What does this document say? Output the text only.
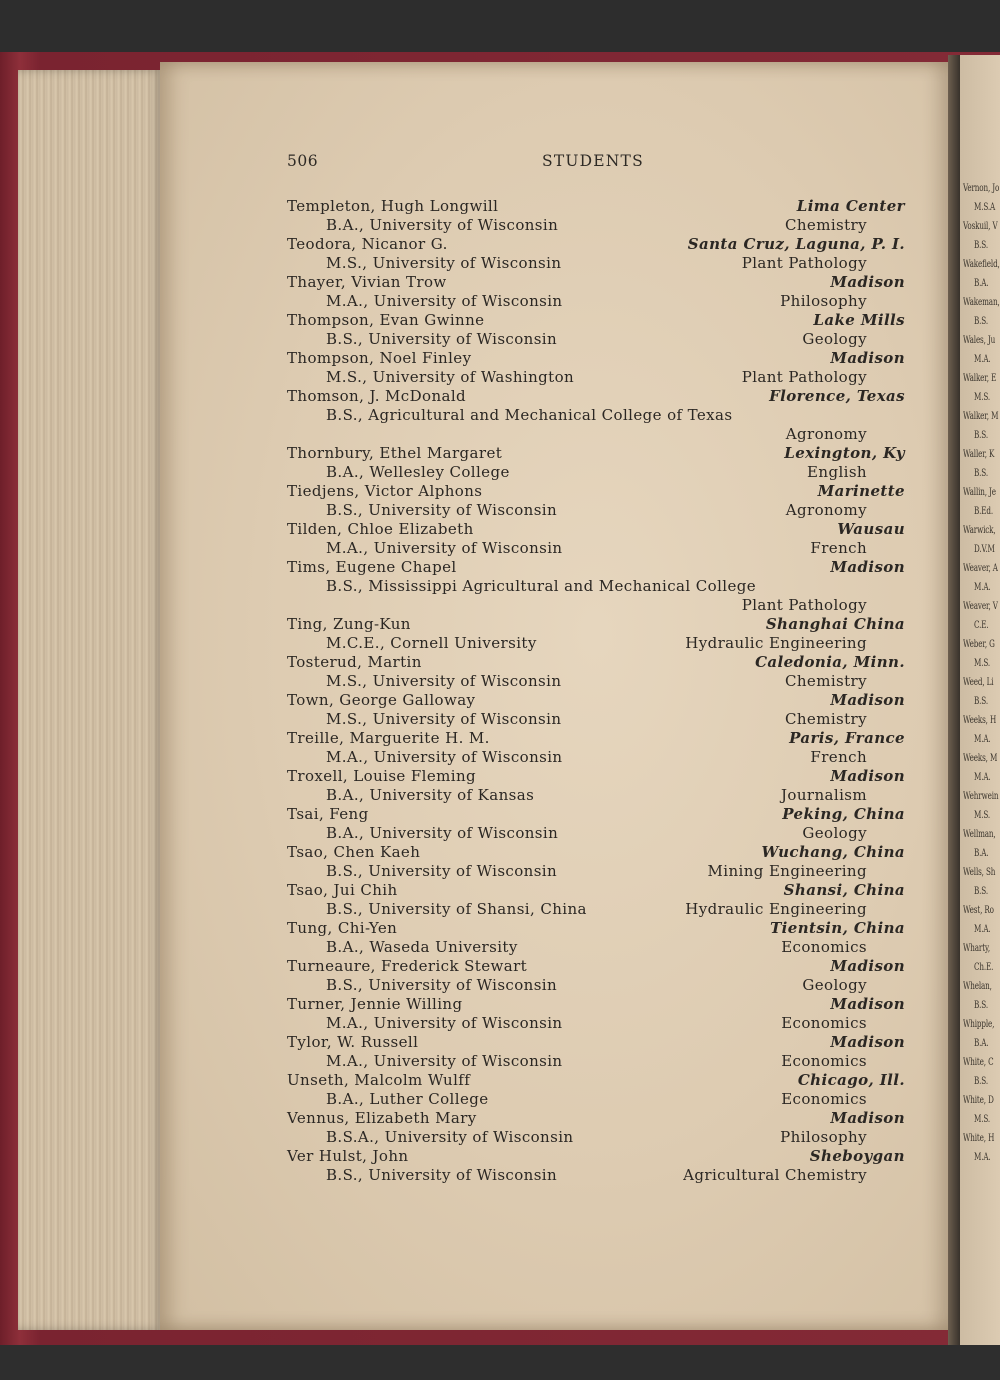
Vernon, Jo
M.S.A
Voskuil, V
B.S.
Wakefield,
B.A.
Wakeman,
B.S.
Wales, Ju
M.A.
Walker, E
M.S.
Walker, M
B.S.
Waller, K
B.S.
Wallin, Je
B.Ed.
Warwick,
D.V.M
Weaver, A
M.A.
Weaver, V
C.E.
Weber, G
M.S.
Weed, Li
B.S.
Weeks, H
M.A.
Weeks, M
M.A.
Wehrwein
M.S.
Wellman,
B.A.
Wells, Sh
B.S.
West, Ro
M.A.
Wharty,
Ch.E.
Whelan,
B.S.
Whipple,
B.A.
White, C
B.S.
White, D
M.S.
White, H
M.A.
506	STUDENTS
Templeton, Hugh Longwill	Lima Center
B.A., University of Wisconsin	Chemistry
Teodora, Nicanor G.	Santa Cruz, Laguna, P. I.
M.S., University of Wisconsin	Plant Pathology
Thayer, Vivian Trow	Madison
M.A., University of Wisconsin	Philosophy
Thompson, Evan Gwinne	Lake Mills
B.S., University of Wisconsin	Geology
Thompson, Noel Finley	Madison
M.S., University of Washington	Plant Pathology
Thomson, J. McDonald	Florence, Texas
B.S., Agricultural and Mechanical College of Texas
Agronomy
Thornbury, Ethel Margaret	Lexington, Ky
B.A., Wellesley College	English
Tiedjens, Victor Alphons	Marinette
B.S., University of Wisconsin	Agronomy
Tilden, Chloe Elizabeth	Wausau
M.A., University of Wisconsin	French
Tims, Eugene Chapel	Madison
B.S., Mississippi Agricultural and Mechanical College
Plant Pathology
Ting, Zung-Kun	Shanghai China
M.C.E., Cornell University	Hydraulic Engineering
Tosterud, Martin	Caledonia, Minn.
M.S., University of Wisconsin	Chemistry
Town, George Galloway	Madison
M.S., University of Wisconsin	Chemistry
Treille, Marguerite H. M.	Paris, France
M.A., University of Wisconsin	French
Troxell, Louise Fleming	Madison
B.A., University of Kansas	Journalism
Tsai, Feng	Peking, China
B.A., University of Wisconsin	Geology
Tsao, Chen Kaeh	Wuchang, China
B.S., University of Wisconsin	Mining Engineering
Tsao, Jui Chih	Shansi, China
B.S., University of Shansi, China	Hydraulic Engineering
Tung, Chi-Yen	Tientsin, China
B.A., Waseda University	Economics
Turneaure, Frederick Stewart	Madison
B.S., University of Wisconsin	Geology
Turner, Jennie Willing	Madison
M.A., University of Wisconsin	Economics
Tylor, W. Russell	Madison
M.A., University of Wisconsin	Economics
Unseth, Malcolm Wulff	Chicago, Ill.
B.A., Luther College	Economics
Vennus, Elizabeth Mary	Madison
B.S.A., University of Wisconsin	Philosophy
Ver Hulst, John	Sheboygan
B.S., University of Wisconsin	Agricultural Chemistry
